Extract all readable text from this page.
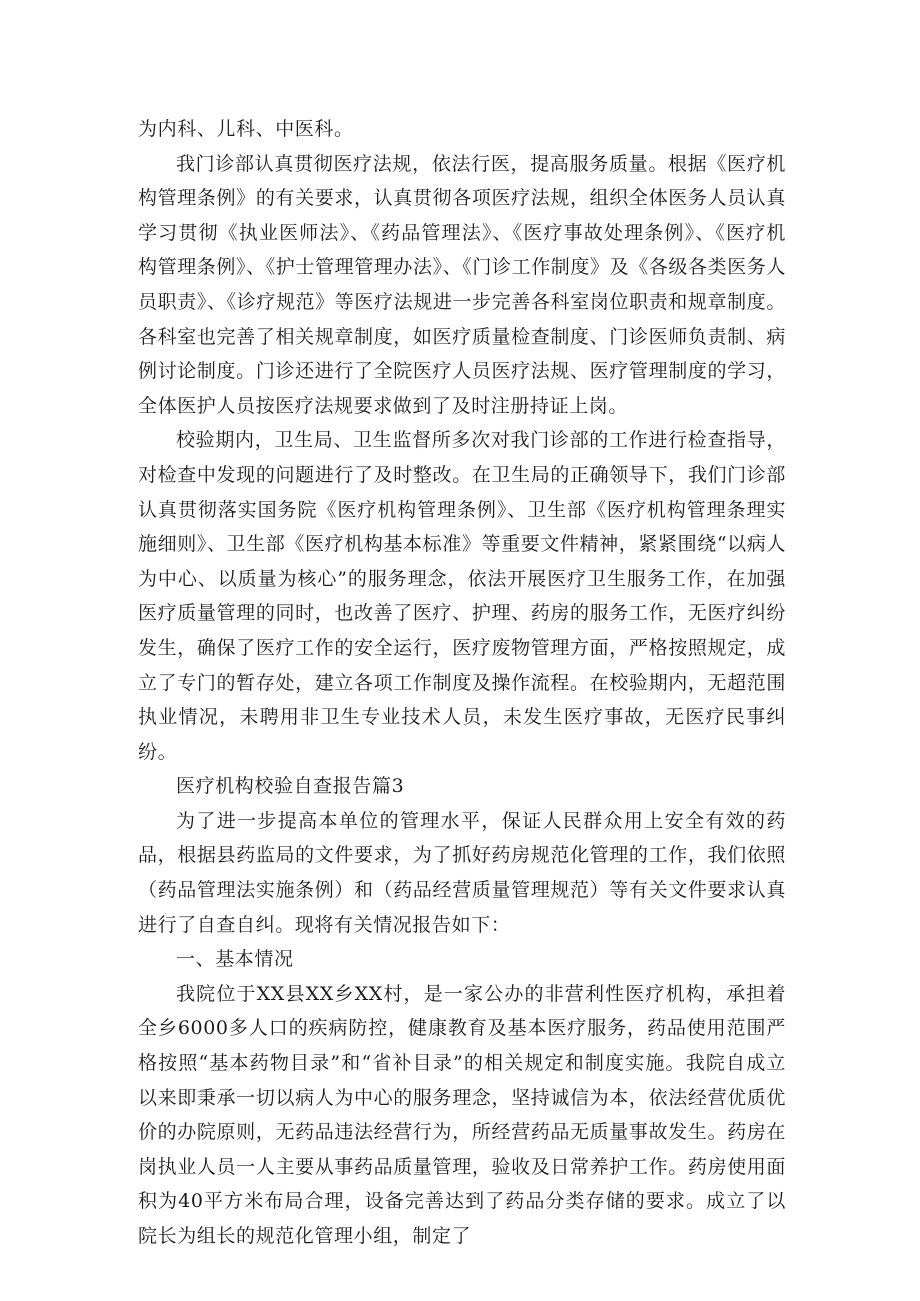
为内科、儿科、中医科。

我门诊部认真贯彻医疗法规，依法行医，提高服务质量。根据《医疗机构管理条例》的有关要求，认真贯彻各项医疗法规，组织全体医务人员认真学习贯彻《执业医师法》、《药品管理法》、《医疗事故处理条例》、《医疗机构管理条例》、《护士管理管理办法》、《门诊工作制度》及《各级各类医务人员职责》、《诊疗规范》等医疗法规进一步完善各科室岗位职责和规章制度。各科室也完善了相关规章制度，如医疗质量检查制度、门诊医师负责制、病例讨论制度。门诊还进行了全院医疗人员医疗法规、医疗管理制度的学习，全体医护人员按医疗法规要求做到了及时注册持证上岗。

校验期内，卫生局、卫生监督所多次对我门诊部的工作进行检查指导，对检查中发现的问题进行了及时整改。在卫生局的正确领导下，我们门诊部认真贯彻落实国务院《医疗机构管理条例》、卫生部《医疗机构管理条理实施细则》、卫生部《医疗机构基本标准》等重要文件精神，紧紧围绕“以病人为中心、以质量为核心”的服务理念，依法开展医疗卫生服务工作，在加强医疗质量管理的同时，也改善了医疗、护理、药房的服务工作，无医疗纠纷发生，确保了医疗工作的安全运行，医疗废物管理方面，严格按照规定，成立了专门的暂存处，建立各项工作制度及操作流程。在校验期内，无超范围执业情况，未聘用非卫生专业技术人员，未发生医疗事故，无医疗民事纠纷。

医疗机构校验自查报告篇3

为了进一步提高本单位的管理水平，保证人民群众用上安全有效的药品，根据县药监局的文件要求，为了抓好药房规范化管理的工作，我们依照（药品管理法实施条例）和（药品经营质量管理规范）等有关文件要求认真进行了自查自纠。现将有关情况报告如下：

一、基本情况

我院位于XX县XX乡XX村，是一家公办的非营利性医疗机构，承担着全乡6000多人口的疾病防控，健康教育及基本医疗服务，药品使用范围严格按照“基本药物目录”和“省补目录”的相关规定和制度实施。我院自成立以来即秉承一切以病人为中心的服务理念，坚持诚信为本，依法经营优质优价的办院原则，无药品违法经营行为，所经营药品无质量事故发生。药房在岗执业人员一人主要从事药品质量管理，验收及日常养护工作。药房使用面积为40平方米布局合理，设备完善达到了药品分类存储的要求。成立了以院长为组长的规范化管理小组，制定了
